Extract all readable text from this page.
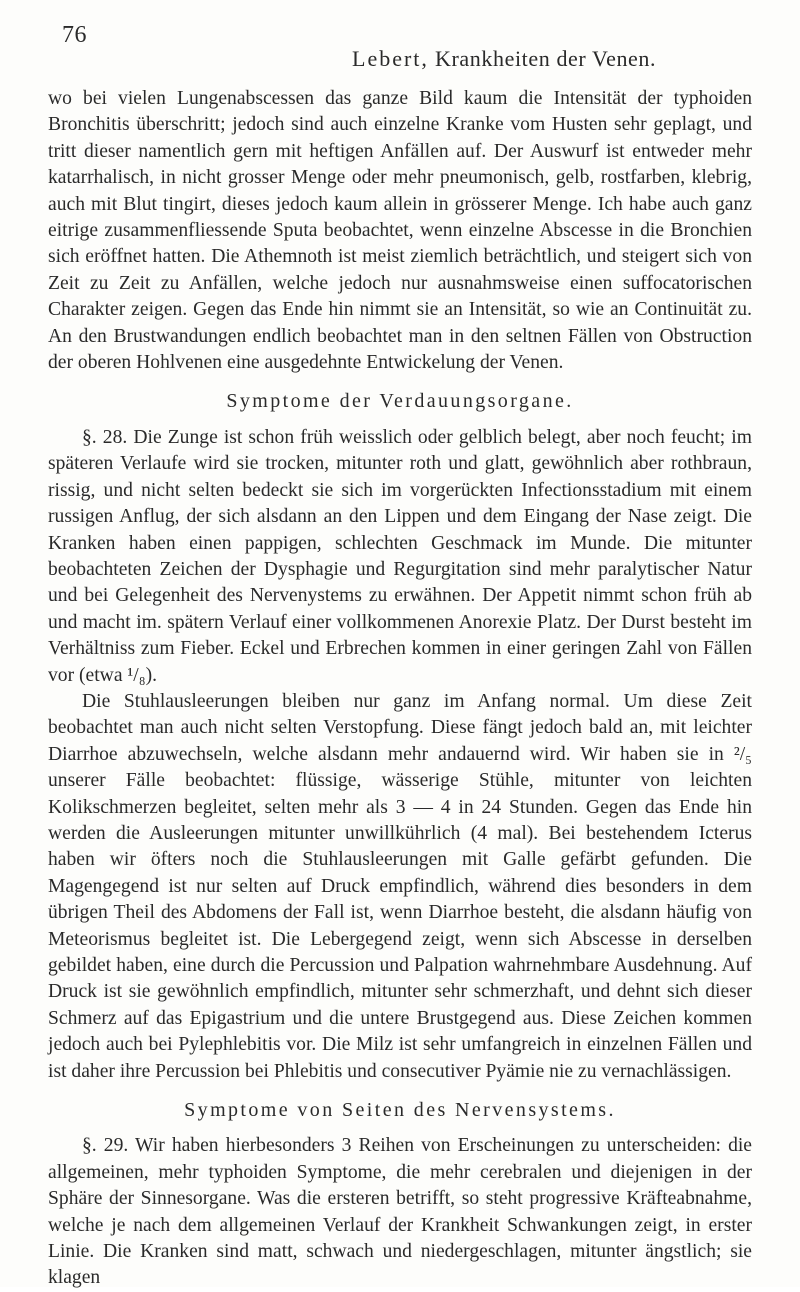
76
Lebert, Krankheiten der Venen.

wo bei vielen Lungenabscessen das ganze Bild kaum die Intensität der typhoiden Bronchitis überschritt; jedoch sind auch einzelne Kranke vom Husten sehr geplagt, und tritt dieser namentlich gern mit heftigen Anfällen auf. Der Auswurf ist entweder mehr katarrhalisch, in nicht grosser Menge oder mehr pneumonisch, gelb, rostfarben, klebrig, auch mit Blut tingirt, dieses jedoch kaum allein in grösserer Menge. Ich habe auch ganz eitrige zusammenfliessende Sputa beobachtet, wenn einzelne Abscesse in die Bronchien sich eröffnet hatten. Die Athemnoth ist meist ziemlich beträchtlich, und steigert sich von Zeit zu Zeit zu Anfällen, welche jedoch nur ausnahmsweise einen suffocatorischen Charakter zeigen. Gegen das Ende hin nimmt sie an Intensität, so wie an Continuität zu. An den Brustwandungen endlich beobachtet man in den seltnen Fällen von Obstruction der oberen Hohlvenen eine ausgedehnte Entwickelung der Venen.

Symptome der Verdauungsorgane.

§. 28. Die Zunge ist schon früh weisslich oder gelblich belegt, aber noch feucht; im späteren Verlaufe wird sie trocken, mitunter roth und glatt, gewöhnlich aber rothbraun, rissig, und nicht selten bedeckt sie sich im vorgerückten Infectionsstadium mit einem russigen Anflug, der sich alsdann an den Lippen und dem Eingang der Nase zeigt. Die Kranken haben einen pappigen, schlechten Geschmack im Munde. Die mitunter beobachteten Zeichen der Dysphagie und Regurgitation sind mehr paralytischer Natur und bei Gelegenheit des Nervenystems zu erwähnen. Der Appetit nimmt schon früh ab und macht im. spätern Verlauf einer vollkommenen Anorexie Platz. Der Durst besteht im Verhältniss zum Fieber. Eckel und Erbrechen kommen in einer geringen Zahl von Fällen vor (etwa ¹/₈).

Die Stuhlausleerungen bleiben nur ganz im Anfang normal. Um diese Zeit beobachtet man auch nicht selten Verstopfung. Diese fängt jedoch bald an, mit leichter Diarrhoe abzuwechseln, welche alsdann mehr andauernd wird. Wir haben sie in ²/₅ unserer Fälle beobachtet: flüssige, wässerige Stühle, mitunter von leichten Kolikschmerzen begleitet, selten mehr als 3 — 4 in 24 Stunden. Gegen das Ende hin werden die Ausleerungen mitunter unwillkührlich (4 mal). Bei bestehendem Icterus haben wir öfters noch die Stuhlausleerungen mit Galle gefärbt gefunden. Die Magengegend ist nur selten auf Druck empfindlich, während dies besonders in dem übrigen Theil des Abdomens der Fall ist, wenn Diarrhoe besteht, die alsdann häufig von Meteorismus begleitet ist. Die Lebergegend zeigt, wenn sich Abscesse in derselben gebildet haben, eine durch die Percussion und Palpation wahrnehmbare Ausdehnung. Auf Druck ist sie gewöhnlich empfindlich, mitunter sehr schmerzhaft, und dehnt sich dieser Schmerz auf das Epigastrium und die untere Brustgegend aus. Diese Zeichen kommen jedoch auch bei Pylephlebitis vor. Die Milz ist sehr umfangreich in einzelnen Fällen und ist daher ihre Percussion bei Phlebitis und consecutiver Pyämie nie zu vernachlässigen.

Symptome von Seiten des Nervensystems.

§. 29. Wir haben hierbesonders 3 Reihen von Erscheinungen zu unterscheiden: die allgemeinen, mehr typhoiden Symptome, die mehr cerebralen und diejenigen in der Sphäre der Sinnesorgane. Was die ersteren betrifft, so steht progressive Kräfteabnahme, welche je nach dem allgemeinen Verlauf der Krankheit Schwankungen zeigt, in erster Linie. Die Kranken sind matt, schwach und niedergeschlagen, mitunter ängstlich; sie klagen
